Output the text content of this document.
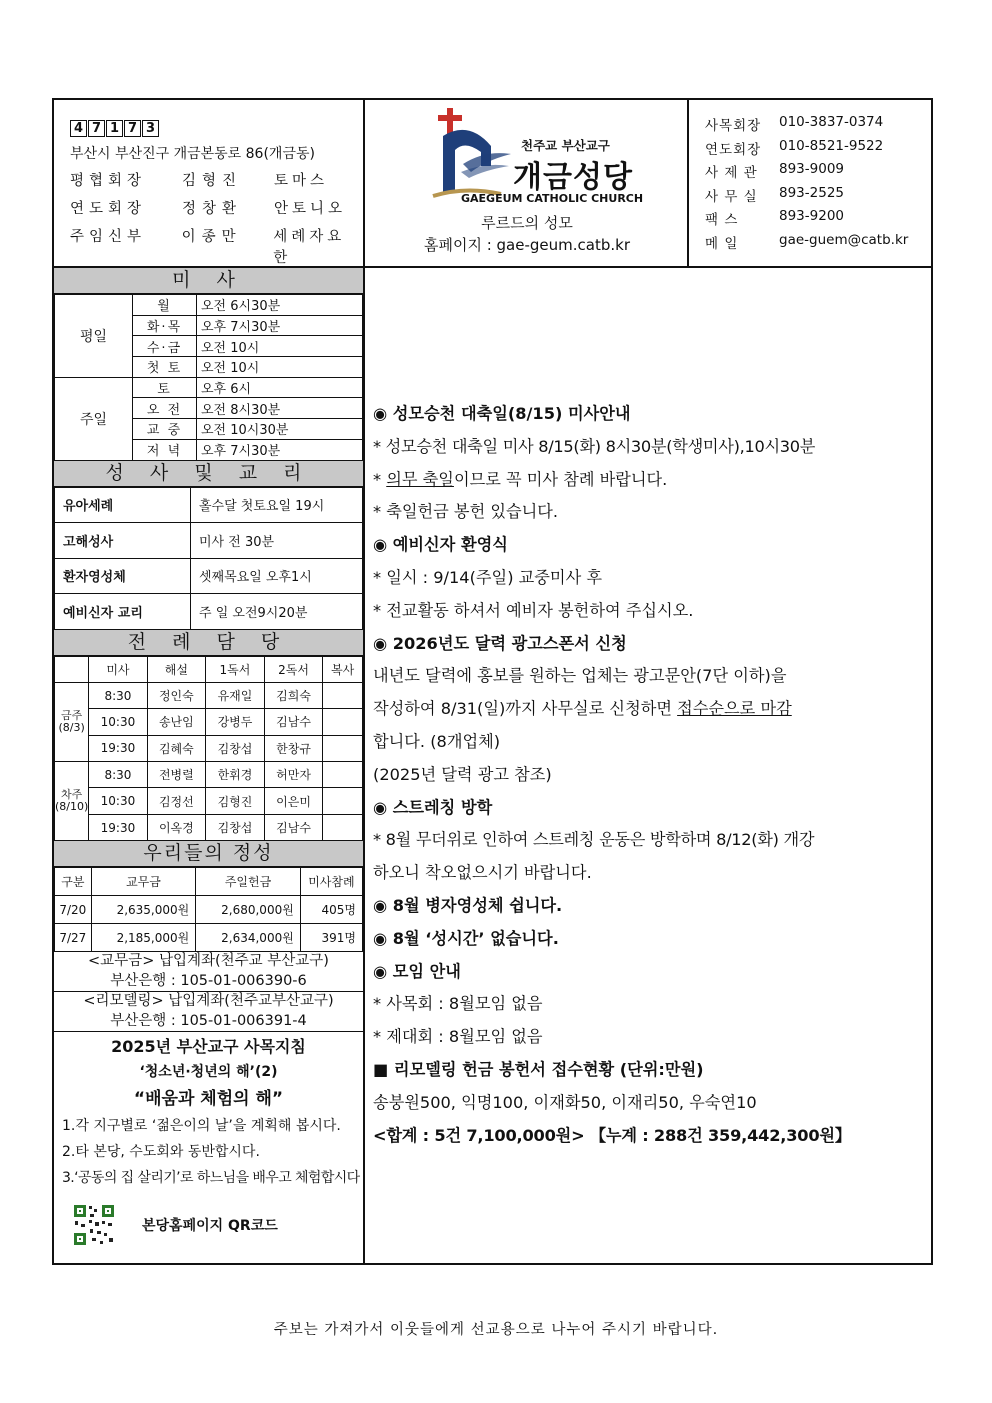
4 7 1 7 3
부산시 부산진구 개금본동로 86(개금동)
평협회장	김형진	토마스
연도회장	정창환	안토니오
주임신부	이종만	세례자요한
천주교 부산교구
개금성당
GAEGEUM CATHOLIC CHURCH
루르드의 성모
홈페이지 : gae-geum.catb.kr
사목회장	010-3837-0374
연도회장	010-8521-9522
사 제 관	893-9009
사 무 실	893-2525
팩 스	893-9200
메 일	gae-guem@catb.kr
미 사
평일	월	오전 6시30분
	화·목	오후 7시30분
	수·금	오전 10시
	첫 토	오전 10시
주일	토	오후 6시
	오 전	오전 8시30분
	교 중	오전 10시30분
	저 녁	오후 7시30분
성 사 및 교 리
유아세례	홀수달 첫토요일 19시
고해성사	미사 전 30분
환자영성체	셋째목요일 오후1시
예비신자 교리	주 일 오전9시20분
전 례 담 당
	미사	해설	1독서	2독서	복사
금주(8/3)	8:30	정인숙	유재일	김희숙	
	10:30	송난임	강병두	김남수	
	19:30	김혜숙	김창섭	한창규	
차주(8/10)	8:30	전병렬	한휘경	허만자	
	10:30	김정선	김형진	이은미	
	19:30	이옥경	김창섭	김남수	
우리들의 정성
구분	교무금	주일헌금	미사참례
7/20	2,635,000원	2,680,000원	405명
7/27	2,185,000원	2,634,000원	391명
<교무금> 납입계좌(천주교 부산교구)
부산은행 : 105-01-006390-6
<리모델링> 납입계좌(천주교부산교구)
부산은행 : 105-01-006391-4
2025년 부산교구 사목지침
‘청소년·청년의 해’(2)
“배움과 체험의 해”
1.각 지구별로 ‘젊은이의 날’을 계획해 봅시다.
2.타 본당, 수도회와 동반합시다.
3.‘공동의 집 살리기’로 하느님을 배우고 체험합시다
본당홈페이지 QR코드
◉ 성모승천 대축일(8/15) 미사안내
* 성모승천 대축일 미사 8/15(화) 8시30분(학생미사),10시30분
* 의무 축일이므로 꼭 미사 참례 바랍니다.
* 축일헌금 봉헌 있습니다.
◉ 예비신자 환영식
* 일시 : 9/14(주일) 교중미사 후
* 전교활동 하셔서 예비자 봉헌하여 주십시오.
◉ 2026년도 달력 광고스폰서 신청
내년도 달력에 홍보를 원하는 업체는 광고문안(7단 이하)을
작성하여 8/31(일)까지 사무실로 신청하면 접수순으로 마감
합니다. (8개업체)
(2025년 달력 광고 참조)
◉ 스트레칭 방학
* 8월 무더위로 인하여 스트레칭 운동은 방학하며 8/12(화) 개강
하오니 착오없으시기 바랍니다.
◉ 8월 병자영성체 쉽니다.
◉ 8월 ‘성시간’ 없습니다.
◉ 모임 안내
* 사목회 : 8월모임 없음
* 제대회 : 8월모임 없음
■ 리모델링 헌금 봉헌서 접수현황 (단위:만원)
송붕원500, 익명100, 이재화50, 이재리50, 우숙연10
<합계 : 5건 7,100,000원> 【누계 : 288건 359,442,300원】
주보는 가져가서 이웃들에게 선교용으로 나누어 주시기 바랍니다.
